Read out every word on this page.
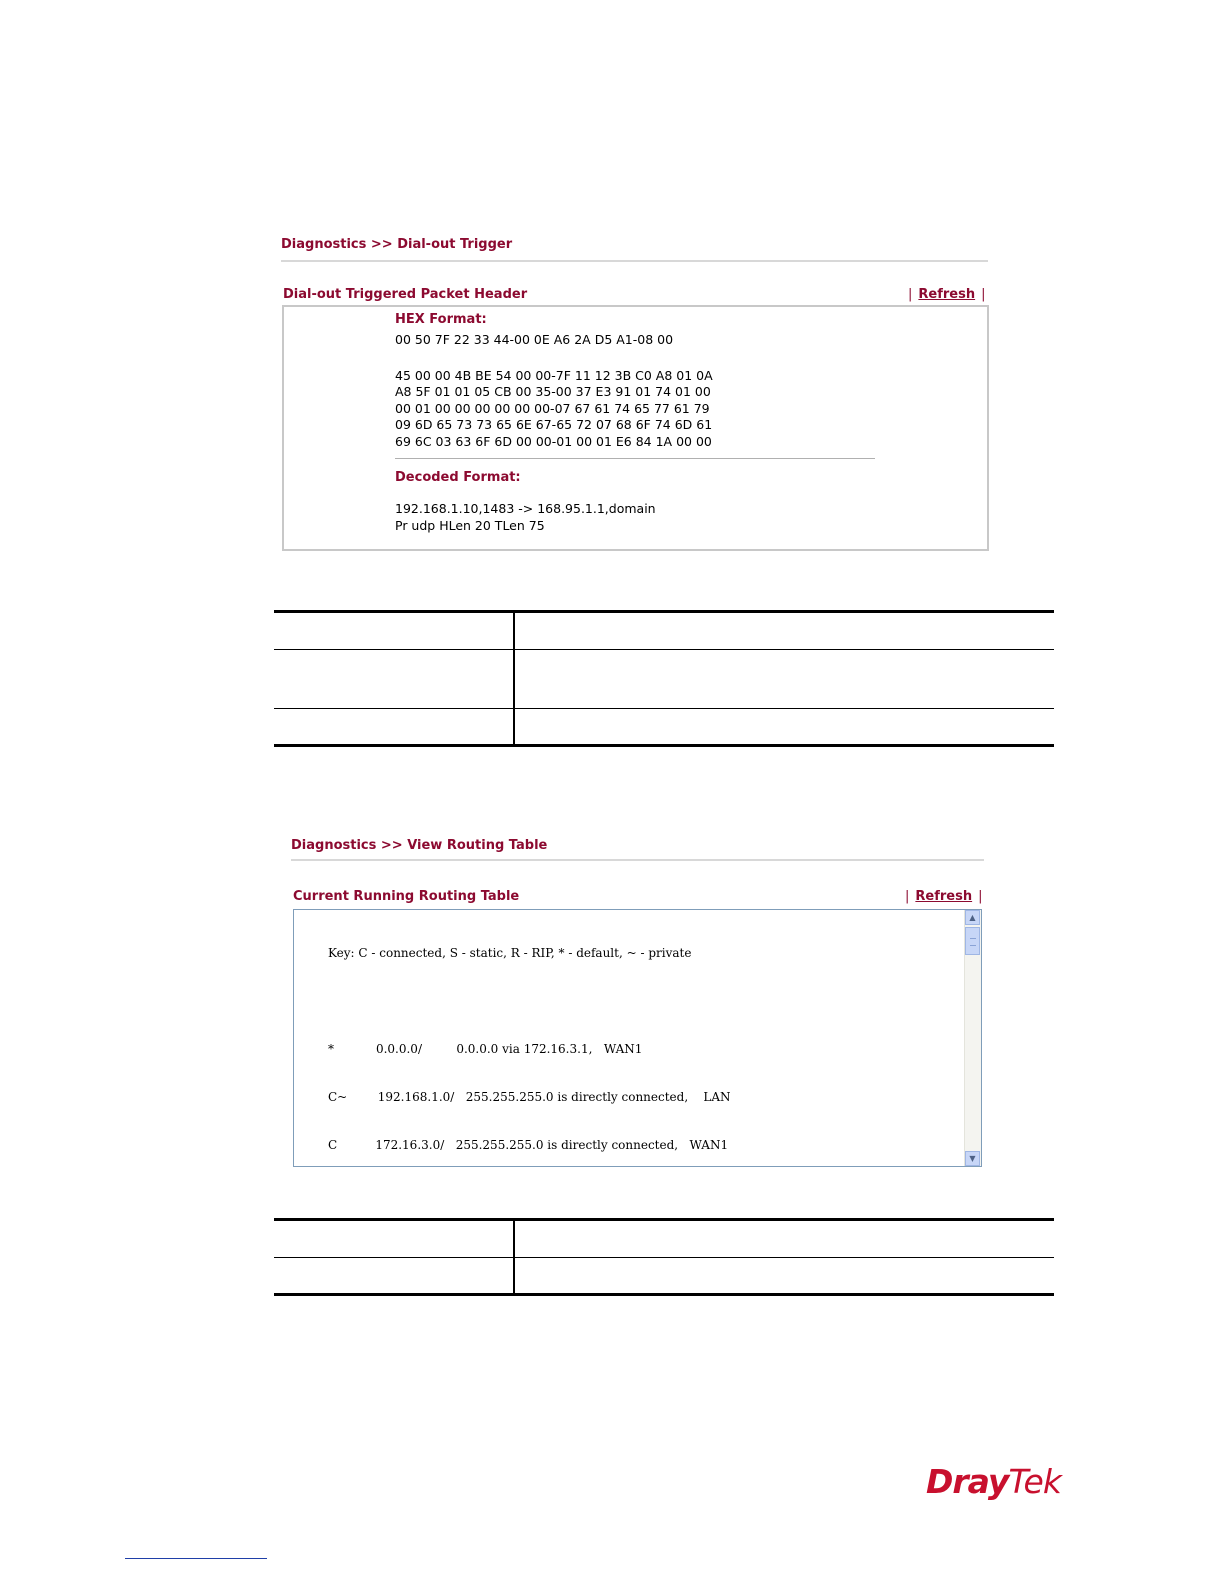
Diagnostics >> Dial-out Trigger
Dial-out Triggered Packet Header	| Refresh |
HEX Format:
00 50 7F 22 33 44-00 0E A6 2A D5 A1-08 00
45 00 00 4B BE 54 00 00-7F 11 12 3B C0 A8 01 0A
A8 5F 01 01 05 CB 00 35-00 37 E3 91 01 74 01 00
00 01 00 00 00 00 00 00-07 67 61 74 65 77 61 79
09 6D 65 73 73 65 6E 67-65 72 07 68 6F 74 6D 61
69 6C 03 63 6F 6D 00 00-01 00 01 E6 84 1A 00 00
Decoded Format:
192.168.1.10,1483 -> 168.95.1.1,domain
Pr udp HLen 20 TLen 75

Diagnostics >> View Routing Table
Current Running Routing Table	| Refresh |

Key: C - connected, S - static, R - RIP, * - default, ~ - private

*           0.0.0.0/         0.0.0.0 via 172.16.3.1,   WAN1

C~        192.168.1.0/   255.255.255.0 is directly connected,    LAN

C          172.16.3.0/   255.255.255.0 is directly connected,   WAN1

▲
▼

DrayTek
